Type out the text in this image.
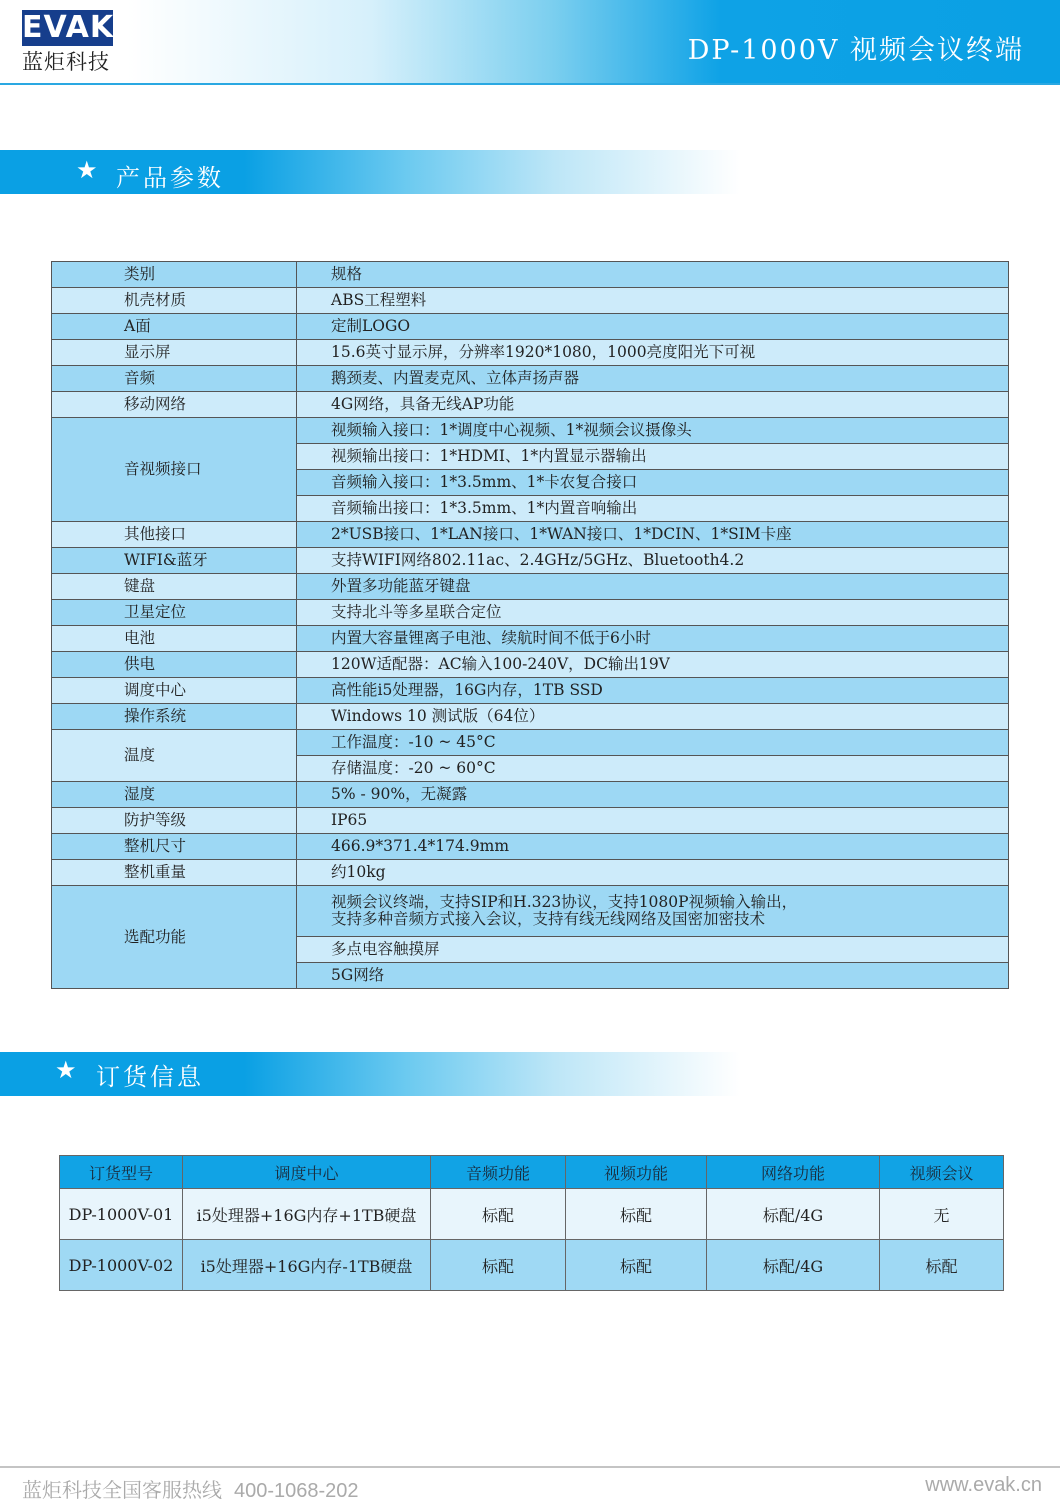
EVAK
蓝炬科技	DP-1000V 视频会议终端
★ 产品参数
类别	规格
机壳材质	ABS工程塑料
A面	定制LOGO
显示屏	15.6英寸显示屏，分辨率1920*1080，1000亮度阳光下可视
音频	鹅颈麦、内置麦克风、立体声扬声器
移动网络	4G网络，具备无线AP功能
音视频接口	视频输入接口：1*调度中心视频、1*视频会议摄像头
	视频输出接口：1*HDMI、1*内置显示器输出
	音频输入接口：1*3.5mm、1*卡农复合接口
	音频输出接口：1*3.5mm、1*内置音响输出
其他接口	2*USB接口、1*LAN接口、1*WAN接口、1*DCIN、1*SIM卡座
WIFI&蓝牙	支持WIFI网络802.11ac、2.4GHz/5GHz、Bluetooth4.2
键盘	外置多功能蓝牙键盘
卫星定位	支持北斗等多星联合定位
电池	内置大容量锂离子电池、续航时间不低于6小时
供电	120W适配器：AC输入100-240V，DC输出19V
调度中心	高性能i5处理器，16G内存，1TB SSD
操作系统	Windows 10 测试版（64位）
温度	工作温度：-10 ~ 45°C
	存储温度：-20 ~ 60°C
湿度	5% - 90%，无凝露
防护等级	IP65
整机尺寸	466.9*371.4*174.9mm
整机重量	约10kg
选配功能	视频会议终端，支持SIP和H.323协议，支持1080P视频输入输出，
支持多种音频方式接入会议，支持有线无线网络及国密加密技术

	多点电容触摸屏
	5G网络
★ 订货信息
订货型号	调度中心	音频功能	视频功能	网络功能	视频会议
DP-1000V-01	i5处理器+16G内存+1TB硬盘	标配	标配	标配/4G	无
DP-1000V-02	i5处理器+16G内存-1TB硬盘	标配	标配	标配/4G	标配
蓝炬科技全国客服热线 400-1068-202	www.evak.cn
